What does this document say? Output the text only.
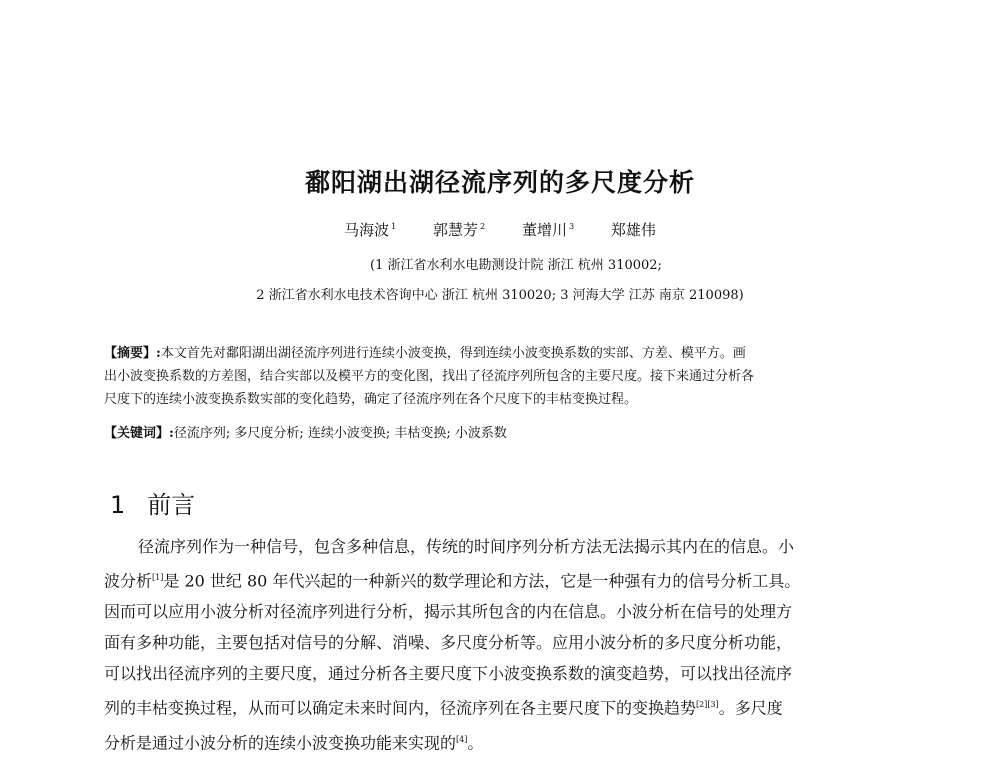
鄱阳湖出湖径流序列的多尺度分析
马海波 $^1$ 郭慧芳 $^2$ 董增川 $^3$ 郑雄伟
(1 浙江省水利水电勘测设计院 浙江 杭州 310002;
2 浙江省水利水电技术咨询中心 浙江 杭州 310020; 3 河海大学 江苏 南京 210098)
【摘要】:本文首先对鄱阳湖出湖径流序列进行连续小波变换，得到连续小波变换系数的实部、方差、模平方。画
出小波变换系数的方差图，结合实部以及模平方的变化图，找出了径流序列所包含的主要尺度。接下来通过分析各
尺度下的连续小波变换系数实部的变化趋势，确定了径流序列在各个尺度下的丰枯变换过程。
【关键词】:径流序列; 多尺度分析; 连续小波变换; 丰枯变换; 小波系数
1 前言
径流序列作为一种信号，包含多种信息，传统的时间序列分析方法无法揭示其内在的信息。小
波分析[1]是 20 世纪 80 年代兴起的一种新兴的数学理论和方法，它是一种强有力的信号分析工具。
因而可以应用小波分析对径流序列进行分析，揭示其所包含的内在信息。小波分析在信号的处理方
面有多种功能，主要包括对信号的分解、消噪、多尺度分析等。应用小波分析的多尺度分析功能，
可以找出径流序列的主要尺度，通过分析各主要尺度下小波变换系数的演变趋势，可以找出径流序
列的丰枯变换过程，从而可以确定未来时间内，径流序列在各主要尺度下的变换趋势[2][3]。多尺度
分析是通过小波分析的连续小波变换功能来实现的[4]。
